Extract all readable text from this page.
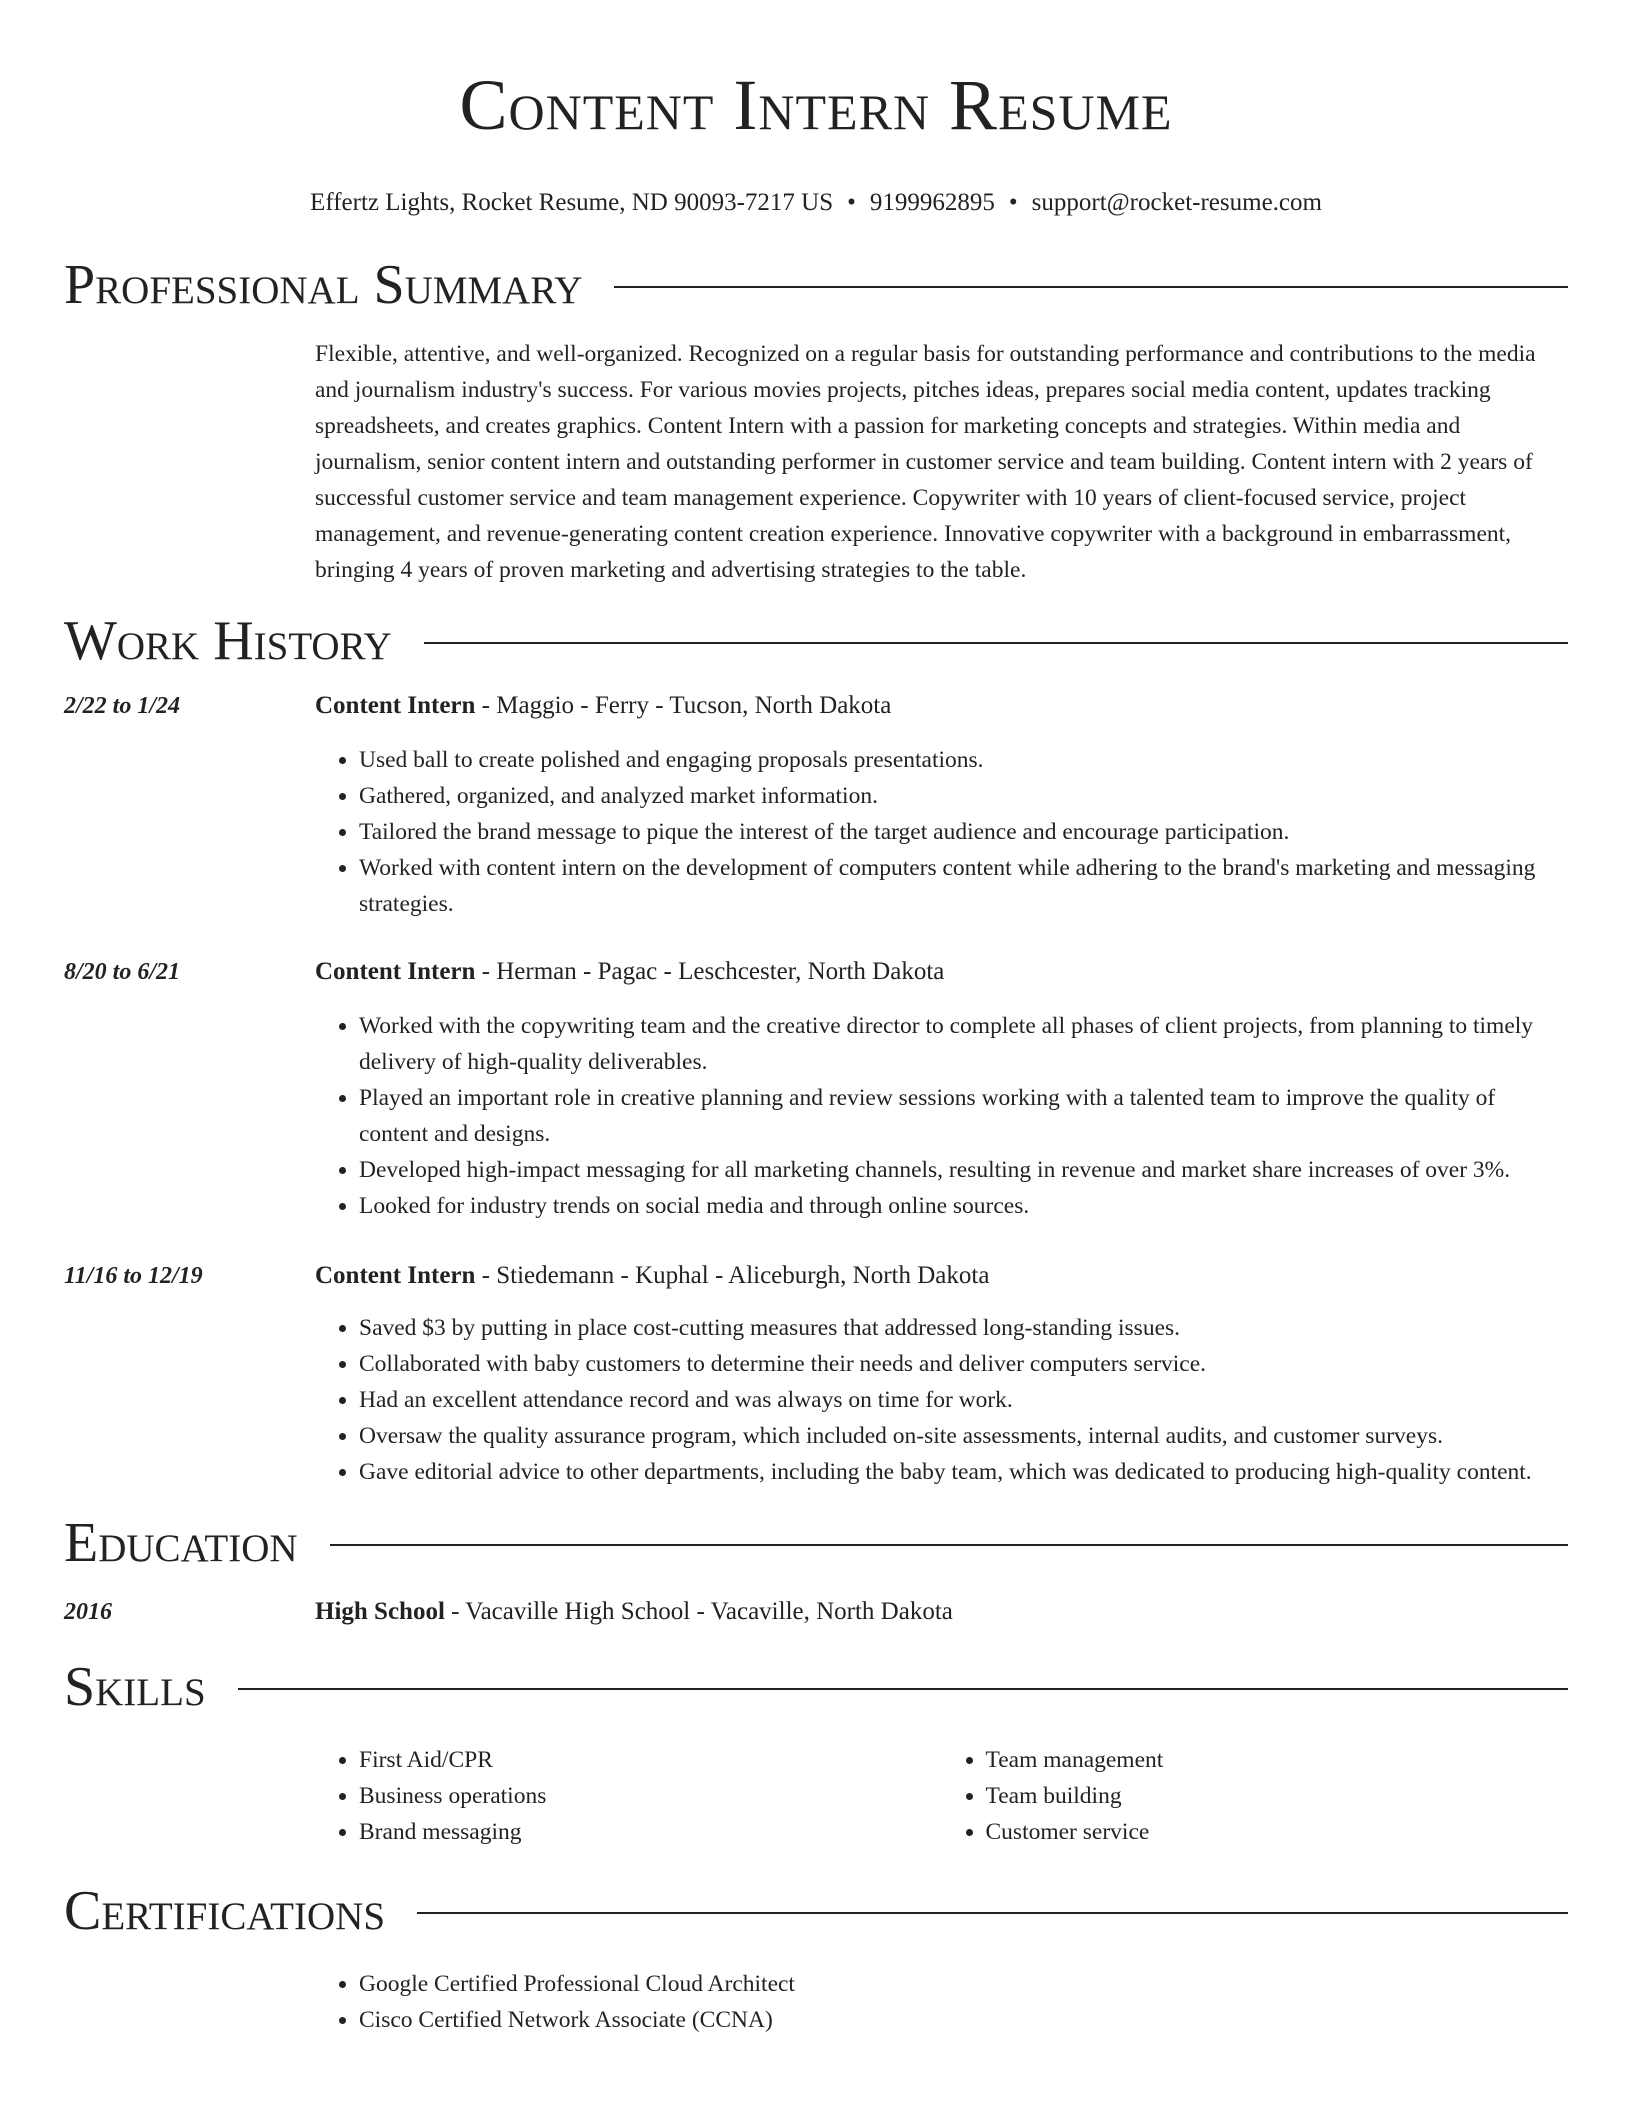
Content Intern Resume
Effertz Lights, Rocket Resume, ND 90093-7217 US • 9199962895 • support@rocket-resume.com
Professional Summary
Flexible, attentive, and well-organized. Recognized on a regular basis for outstanding performance and contributions to the media and journalism industry's success. For various movies projects, pitches ideas, prepares social media content, updates tracking spreadsheets, and creates graphics. Content Intern with a passion for marketing concepts and strategies. Within media and journalism, senior content intern and outstanding performer in customer service and team building. Content intern with 2 years of successful customer service and team management experience. Copywriter with 10 years of client-focused service, project management, and revenue-generating content creation experience. Innovative copywriter with a background in embarrassment, bringing 4 years of proven marketing and advertising strategies to the table.
Work History
2/22 to 1/24	Content Intern - Maggio - Ferry - Tucson, North Dakota
• Used ball to create polished and engaging proposals presentations.
• Gathered, organized, and analyzed market information.
• Tailored the brand message to pique the interest of the target audience and encourage participation.
• Worked with content intern on the development of computers content while adhering to the brand's marketing and messaging strategies.
8/20 to 6/21	Content Intern - Herman - Pagac - Leschcester, North Dakota
• Worked with the copywriting team and the creative director to complete all phases of client projects, from planning to timely delivery of high-quality deliverables.
• Played an important role in creative planning and review sessions working with a talented team to improve the quality of content and designs.
• Developed high-impact messaging for all marketing channels, resulting in revenue and market share increases of over 3%.
• Looked for industry trends on social media and through online sources.
11/16 to 12/19	Content Intern - Stiedemann - Kuphal - Aliceburgh, North Dakota
• Saved $3 by putting in place cost-cutting measures that addressed long-standing issues.
• Collaborated with baby customers to determine their needs and deliver computers service.
• Had an excellent attendance record and was always on time for work.
• Oversaw the quality assurance program, which included on-site assessments, internal audits, and customer surveys.
• Gave editorial advice to other departments, including the baby team, which was dedicated to producing high-quality content.
Education
2016	High School - Vacaville High School - Vacaville, North Dakota
Skills
• First Aid/CPR
• Business operations
• Brand messaging
• Team management
• Team building
• Customer service
Certifications
• Google Certified Professional Cloud Architect
• Cisco Certified Network Associate (CCNA)
